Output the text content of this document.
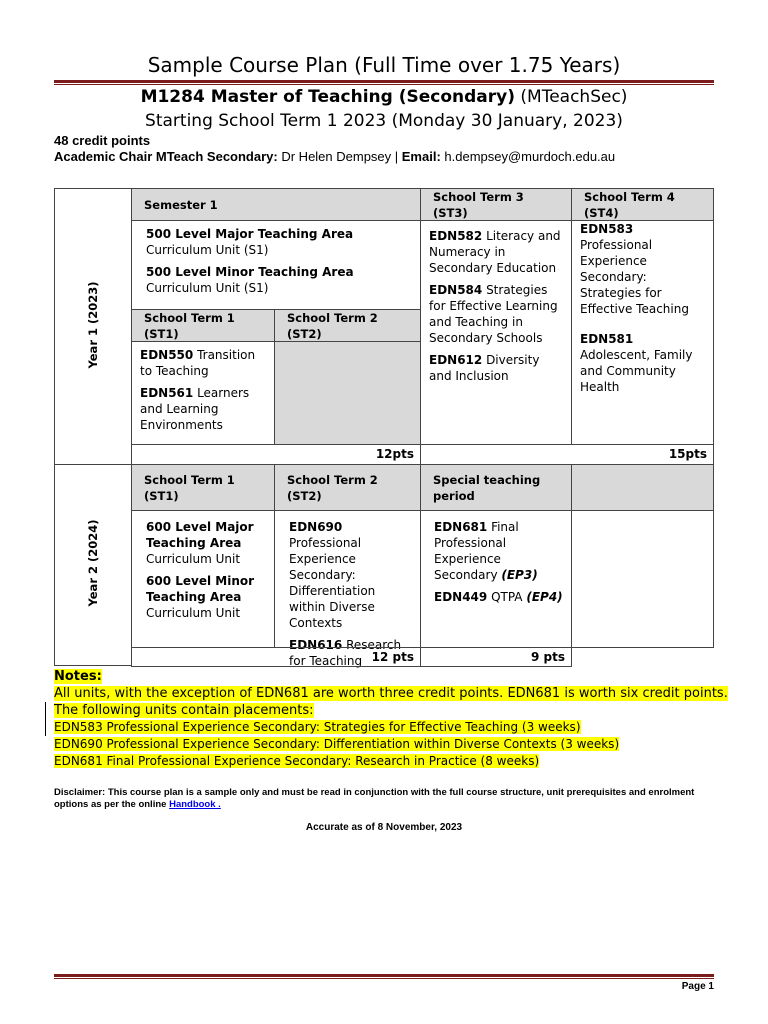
Sample Course Plan (Full Time over 1.75 Years)
M1284 Master of Teaching (Secondary) (MTeachSec)
Starting School Term 1 2023 (Monday 30 January, 2023)
48 credit points
Academic Chair MTeach Secondary: Dr Helen Dempsey | Email: h.dempsey@murdoch.edu.au
Year 1 (2023)
Semester 1
School Term 3 (ST3)
School Term 4 (ST4)

500 Level Major Teaching Area Curriculum Unit (S1)

500 Level Minor Teaching Area Curriculum Unit (S1)

School Term 1 (ST1)
School Term 2 (ST2)

EDN550 Transition to Teaching

EDN561 Learners and Learning Environments

EDN582 Literacy and Numeracy in Secondary Education

EDN584 Strategies for Effective Learning and Teaching in Secondary Schools

EDN612 Diversity and Inclusion

EDN583 Professional Experience Secondary: Strategies for Effective Teaching

EDN581 Adolescent, Family and Community Health

12pts	15pts
Year 2 (2024)
School Term 1 (ST1)
School Term 2 (ST2)
Special teaching period

600 Level Major Teaching Area Curriculum Unit

600 Level Minor Teaching Area Curriculum Unit

EDN690 Professional Experience Secondary: Differentiation within Diverse Contexts

EDN616 Research for Teaching

EDN681 Final Professional Experience Secondary (EP3)

EDN449 QTPA (EP4)

12 pts	9 pts
Notes:
All units, with the exception of EDN681 are worth three credit points. EDN681 is worth six credit points.
The following units contain placements:
EDN583 Professional Experience Secondary: Strategies for Effective Teaching (3 weeks)
EDN690 Professional Experience Secondary: Differentiation within Diverse Contexts (3 weeks)
EDN681 Final Professional Experience Secondary: Research in Practice (8 weeks)
Disclaimer: This course plan is a sample only and must be read in conjunction with the full course structure, unit prerequisites and enrolment options as per the online Handbook .
Accurate as of 8 November, 2023
Page 1
